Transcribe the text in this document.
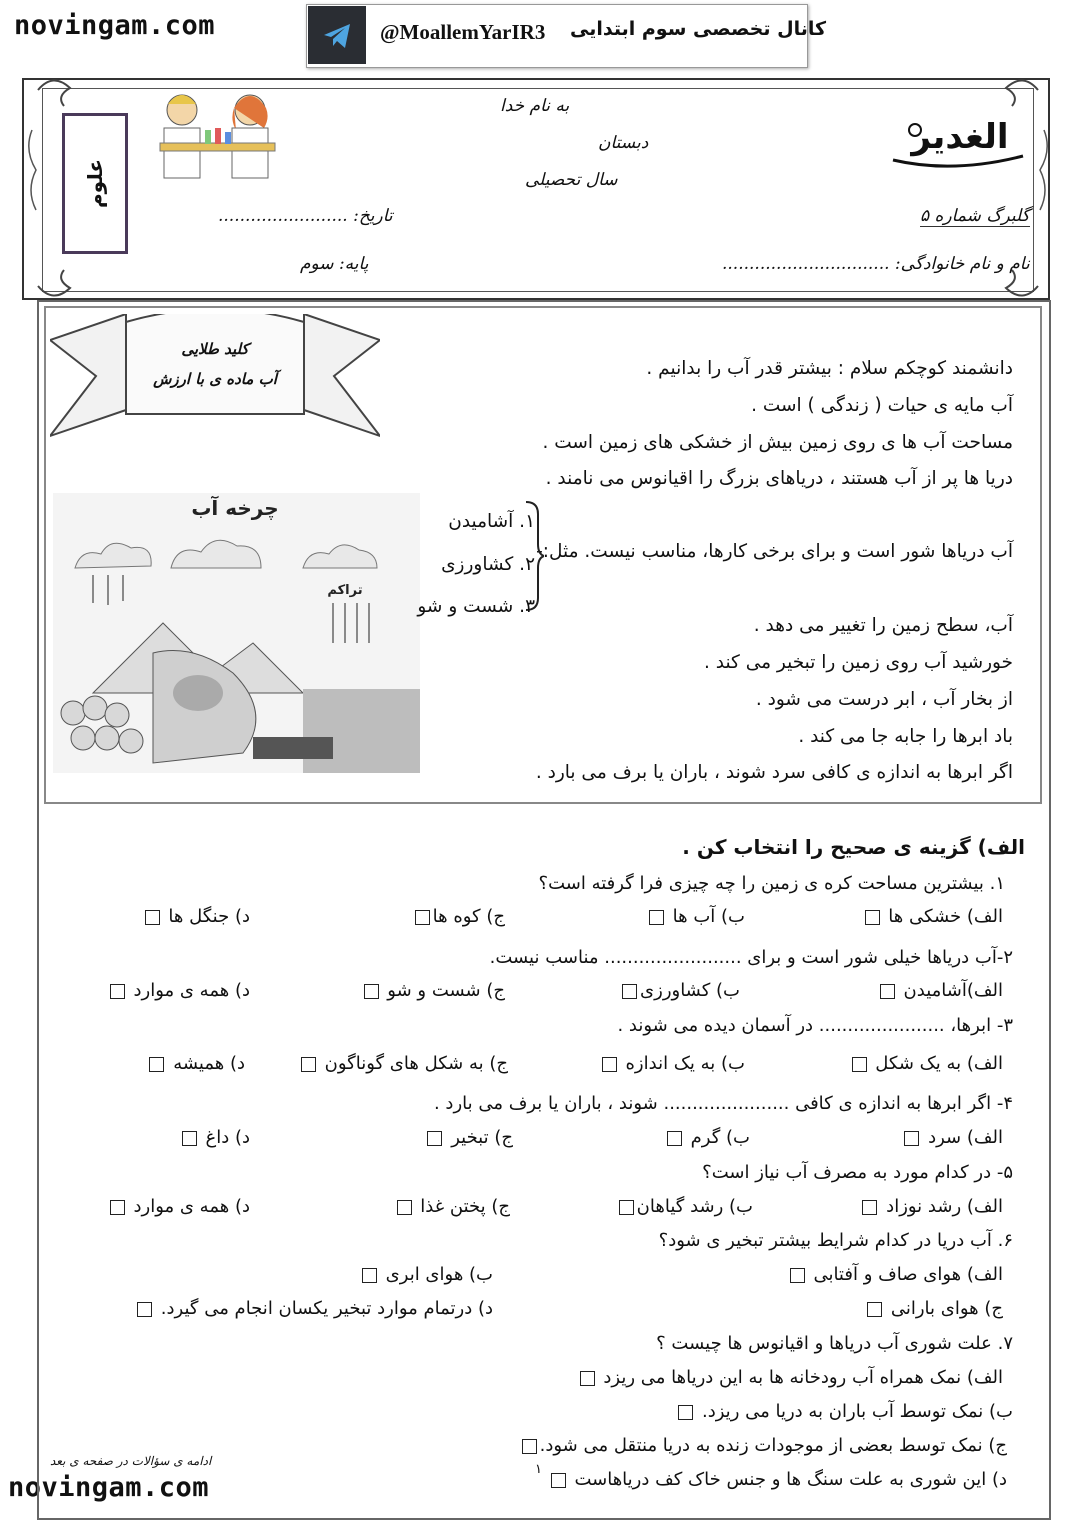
novingam.com
novingam.com
@MoallemYarIR3 کانال تخصصی سوم ابتدایی
علوم
الغدیر
به نام خدا
دبستان
سال تحصیلی
تاریخ: ........................
پایه: سوم
گلبرگ شماره ۵
نام و نام خانوادگی: ...............................
کلید طلایی
آب ماده ی با ارزش
چرخه آب
تراکم
دانشمند کوچکم سلام : بیشتر قدر آب را بدانیم .
آب مایه ی حیات ( زندگی ) است .
مساحت آب ها ی روی زمین بیش از خشکی های زمین است .
دریا ها پر از آب هستند ، دریاهای بزرگ را اقیانوس می نامند .
آب دریاها شور است و برای برخی کارها، مناسب نیست. مثل:-
آب، سطح زمین را تغییر می دهد .
خورشید آب روی زمین را تبخیر می کند .
از بخار آب ، ابر درست می شود .
باد ابرها را جابه جا می کند .
اگر ابرها به اندازه ی کافی سرد شوند ، باران یا برف می بارد .
۱. آشامیدن
۲. کشاورزی
۳. شست و شو
الف) گزینه ی صحیح را انتخاب کن .
۱. بیشترین مساحت کره ی زمین را چه چیزی فرا گرفته است؟
الف) خشکی ها
ب) آب ها
ج) کوه ها
د) جنگل ها
۲-آب دریاها خیلی شور است و برای ........................ مناسب نیست.
الف)آشامیدن
ب) کشاورزی
ج) شست و شو
د) همه ی موارد
۳- ابرها، ...................... در آسمان دیده می شوند .
الف) به یک شکل
ب) به یک اندازه
ج) به شکل های گوناگون
د) همیشه
۴- اگر ابرها به اندازه ی کافی ...................... شوند ، باران یا برف می بارد .
الف) سرد
ب) گرم
ج) تبخیر
د) داغ
۵- در کدام مورد به مصرف آب نیاز است؟
الف) رشد نوزاد
ب) رشد گیاهان
ج) پختن غذا
د) همه ی موارد
۶. آب دریا در کدام شرایط بیشتر تبخیر ی شود؟
الف) هوای صاف و آفتابی
ب) هوای ابری
ج) هوای بارانی
د) درتمام موارد تبخیر یکسان انجام می گیرد.
۷. علت شوری آب دریاها و اقیانوس ها چیست ؟
الف) نمک همراه آب رودخانه ها به این دریاها می ریزد
ب) نمک توسط آب باران به دریا می ریزد.
ج) نمک توسط بعضی از موجودات زنده به دریا منتقل می شود.
د) این شوری به علت سنگ ها و جنس خاک کف دریاهاست
ادامه ی سؤالات در صفحه ی بعد
۱
